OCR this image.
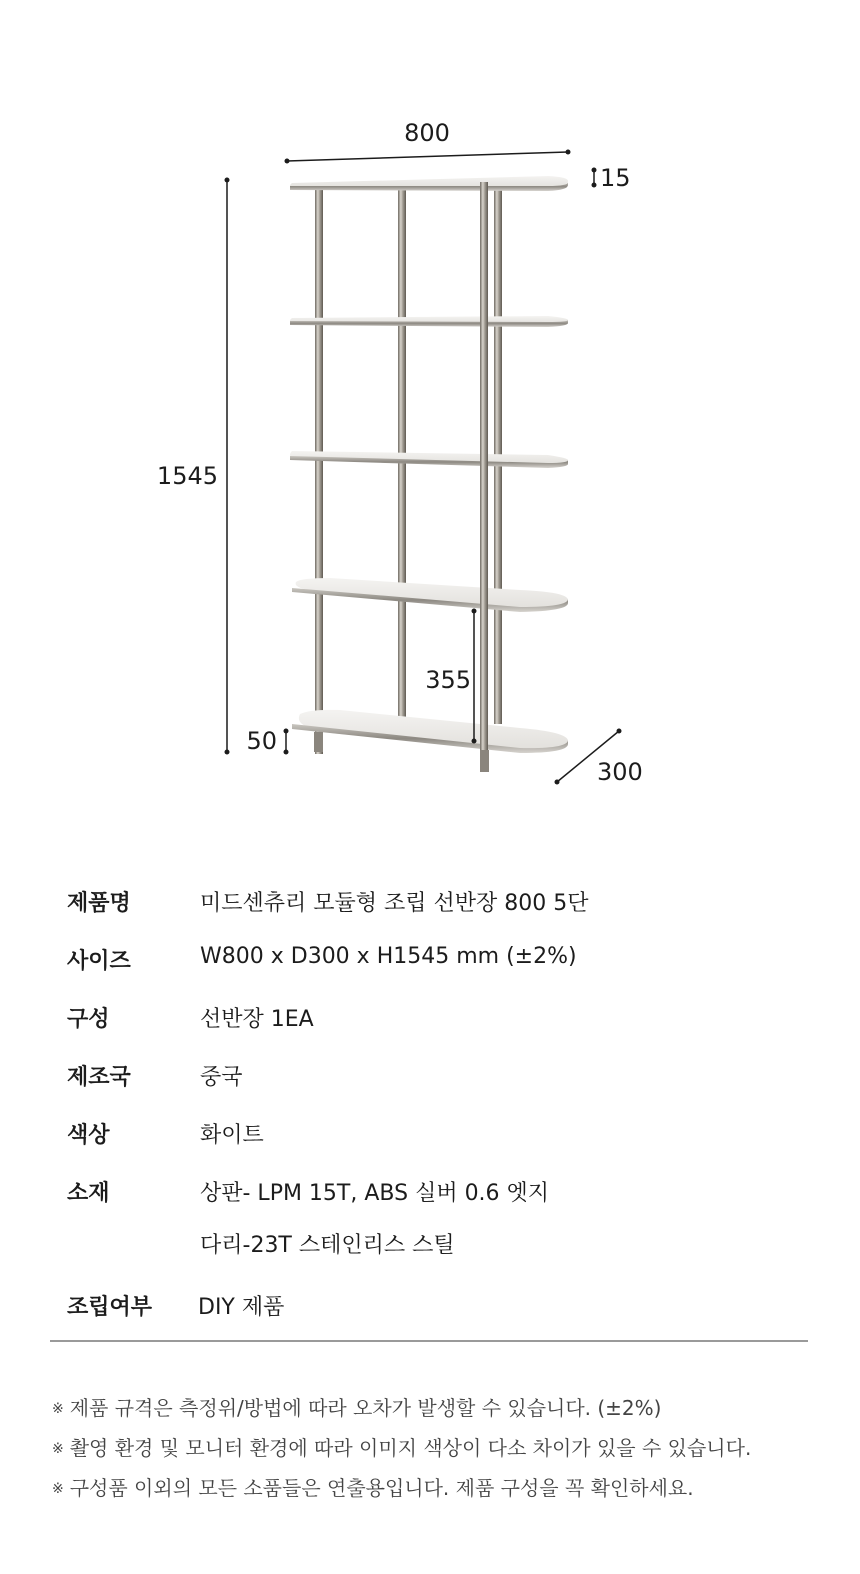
800
15
1545
355
50
300
제품명	미드센츄리 모듈형 조립 선반장 800 5단
사이즈	W800 x D300 x H1545 mm (±2%)
구성	선반장 1EA
제조국	중국
색상	화이트
소재	상판- LPM 15T, ABS 실버 0.6 엣지
다리-23T 스테인리스 스틸
조립여부 DIY 제품
※ 제품 규격은 측정위/방법에 따라 오차가 발생할 수 있습니다. (±2%)
※ 촬영 환경 및 모니터 환경에 따라 이미지 색상이 다소 차이가 있을 수 있습니다.
※ 구성품 이외의 모든 소품들은 연출용입니다. 제품 구성을 꼭 확인하세요.
